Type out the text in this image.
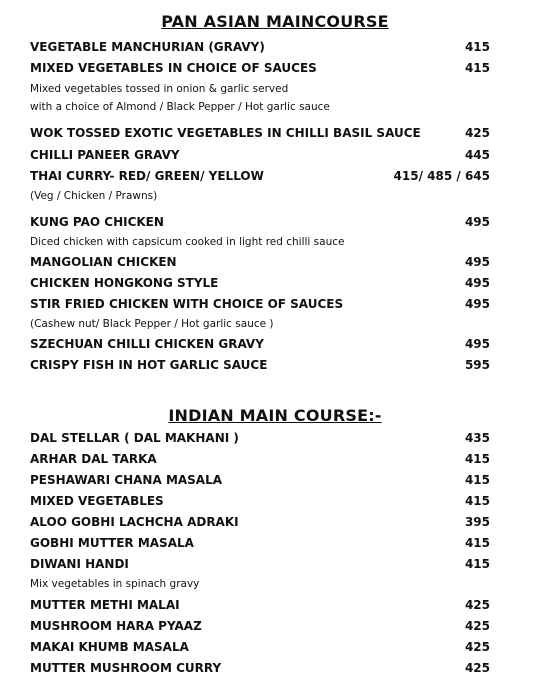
PAN ASIAN MAINCOURSE
VEGETABLE MANCHURIAN (GRAVY)	415
MIXED VEGETABLES IN CHOICE OF SAUCES	415
Mixed vegetables tossed in onion & garlic served
with a choice of Almond / Black Pepper / Hot garlic sauce
WOK TOSSED EXOTIC VEGETABLES IN CHILLI BASIL SAUCE	425
CHILLI PANEER GRAVY	445
THAI CURRY- RED/ GREEN/ YELLOW	415/ 485 / 645
(Veg / Chicken / Prawns)
KUNG PAO CHICKEN	495
Diced chicken with capsicum cooked in light red chilli sauce
MANGOLIAN CHICKEN	495
CHICKEN HONGKONG STYLE	495
STIR FRIED CHICKEN WITH CHOICE OF SAUCES	495
(Cashew nut/ Black Pepper / Hot garlic sauce )
SZECHUAN CHILLI CHICKEN GRAVY	495
CRISPY FISH IN HOT GARLIC SAUCE	595
INDIAN MAIN COURSE:-
DAL STELLAR ( DAL MAKHANI )	435
ARHAR DAL TARKA	415
PESHAWARI CHANA MASALA	415
MIXED VEGETABLES	415
ALOO GOBHI LACHCHA ADRAKI	395
GOBHI MUTTER MASALA	415
DIWANI HANDI	415
Mix vegetables in spinach gravy
MUTTER METHI MALAI	425
MUSHROOM HARA PYAAZ	425
MAKAI KHUMB MASALA	425
MUTTER MUSHROOM CURRY	425
